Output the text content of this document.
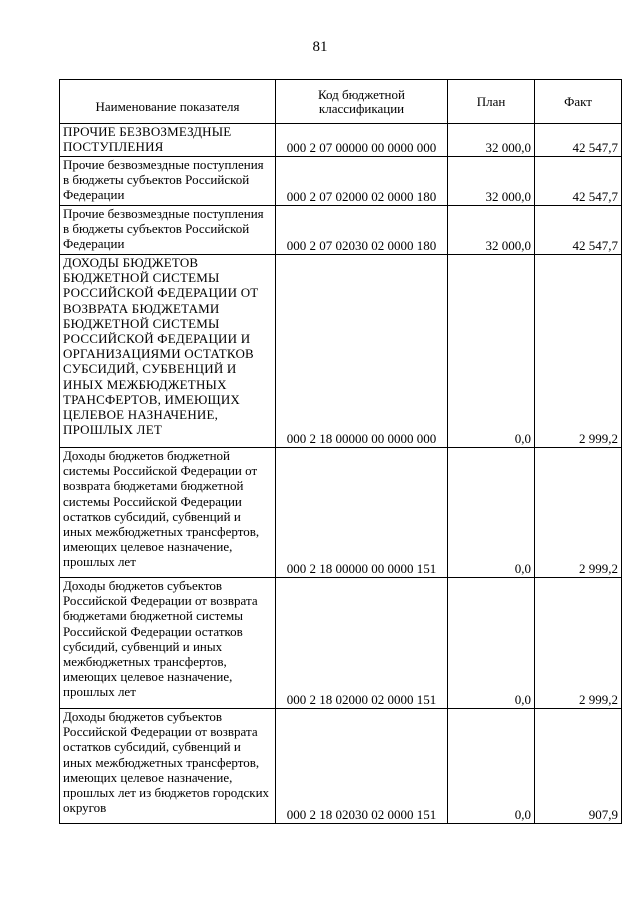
81
Наименование показателя	Код бюджетной классификации	План	Факт
ПРОЧИЕ БЕЗВОЗМЕЗДНЫЕ ПОСТУПЛЕНИЯ	000 2 07 00000 00 0000 000	32 000,0	42 547,7
Прочие безвозмездные поступления в бюджеты субъектов Российской Федерации	000 2 07 02000 02 0000 180	32 000,0	42 547,7
Прочие безвозмездные поступления в бюджеты субъектов Российской Федерации	000 2 07 02030 02 0000 180	32 000,0	42 547,7
ДОХОДЫ БЮДЖЕТОВ БЮДЖЕТНОЙ СИСТЕМЫ РОССИЙСКОЙ ФЕДЕРАЦИИ ОТ ВОЗВРАТА БЮДЖЕТАМИ БЮДЖЕТНОЙ СИСТЕМЫ РОССИЙСКОЙ ФЕДЕРАЦИИ И ОРГАНИЗАЦИЯМИ ОСТАТКОВ СУБСИДИЙ, СУБВЕНЦИЙ И ИНЫХ МЕЖБЮДЖЕТНЫХ ТРАНСФЕРТОВ, ИМЕЮЩИХ ЦЕЛЕВОЕ НАЗНАЧЕНИЕ, ПРОШЛЫХ ЛЕТ	000 2 18 00000 00 0000 000	0,0	2 999,2
Доходы бюджетов бюджетной системы Российской Федерации от возврата бюджетами бюджетной системы Российской Федерации остатков субсидий, субвенций и иных межбюджетных трансфертов, имеющих целевое назначение, прошлых лет	000 2 18 00000 00 0000 151	0,0	2 999,2
Доходы бюджетов субъектов Российской Федерации от возврата бюджетами бюджетной системы Российской Федерации остатков субсидий, субвенций и иных межбюджетных трансфертов, имеющих целевое назначение, прошлых лет	000 2 18 02000 02 0000 151	0,0	2 999,2
Доходы бюджетов субъектов Российской Федерации от возврата остатков субсидий, субвенций и иных межбюджетных трансфертов, имеющих целевое назначение, прошлых лет из бюджетов городских округов	000 2 18 02030 02 0000 151	0,0	907,9
